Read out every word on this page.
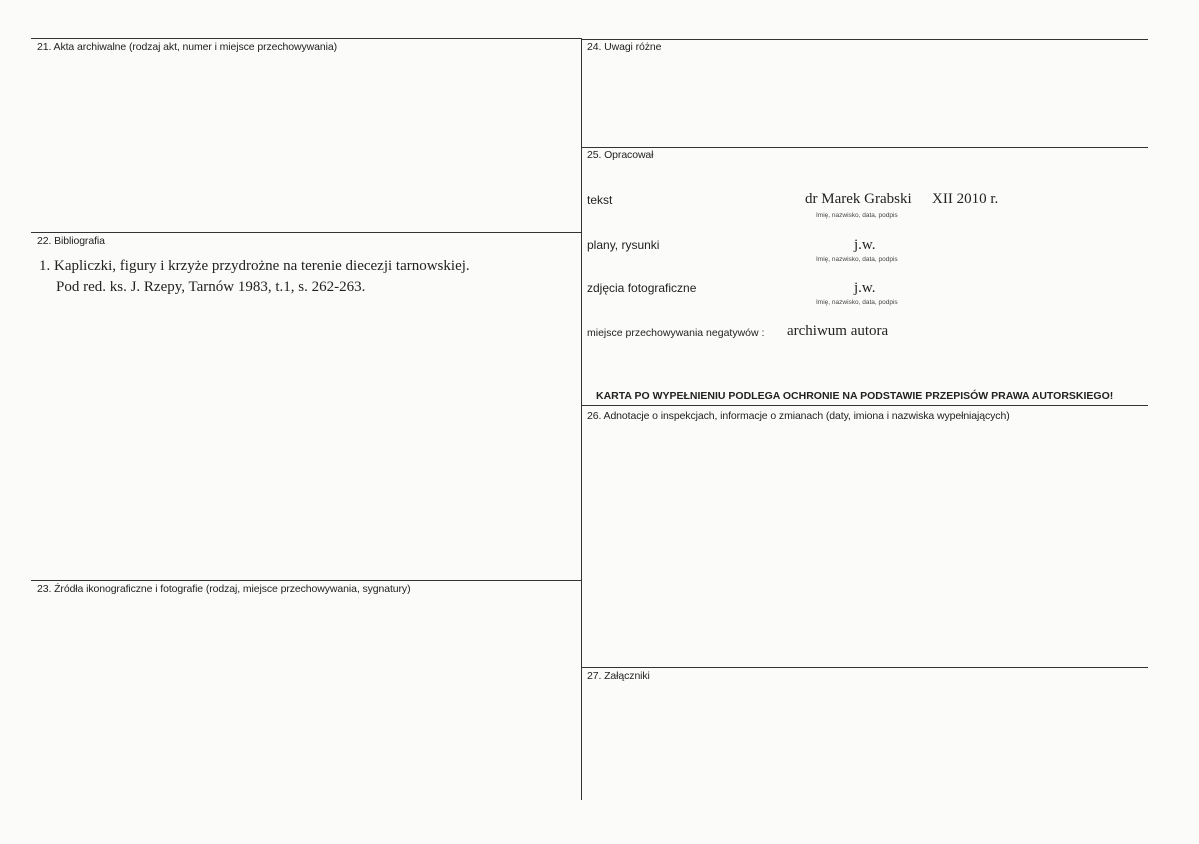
21. Akta archiwalne (rodzaj akt, numer i miejsce przechowywania)
22. Bibliografia
23. Źródła ikonograficzne i fotografie (rodzaj, miejsce przechowywania, sygnatury)
1. Kapliczki, figury i krzyże przydrożne na terenie diecezji tarnowskiej.
Pod red. ks. J. Rzepy, Tarnów 1983, t.1, s. 262-263.
24. Uwagi różne
25. Opracował
26. Adnotacje o inspekcjach, informacje o zmianach (daty, imiona i nazwiska wypełniających)
27. Załączniki
tekst	dr Marek Grabski XII 2010 r.
Imię, nazwisko, data, podpis
plany, rysunki	j.w.
Imię, nazwisko, data, podpis
zdjęcia fotograficzne	j.w.
Imię, nazwisko, data, podpis
miejsce przechowywania negatywów : archiwum autora
KARTA PO WYPEŁNIENIU PODLEGA OCHRONIE NA PODSTAWIE PRZEPISÓW PRAWA AUTORSKIEGO!
